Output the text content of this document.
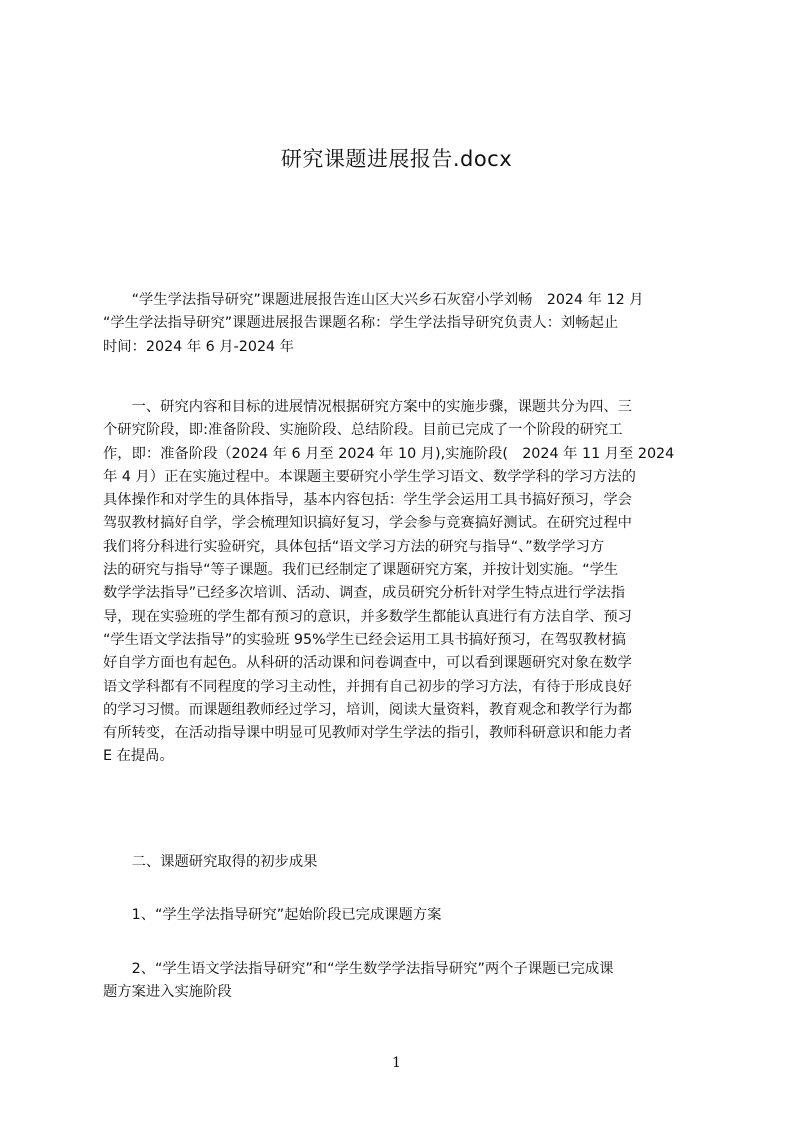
研究课题进展报告.docx
　　“学生学法指导研究”课题进展报告连山区大兴乡石灰窑小学刘畅　2024 年 12 月
“学生学法指导研究”课题进展报告课题名称：学生学法指导研究负责人：刘畅起止
时间：2024 年 6 月-2024 年
　　一、研究内容和目标的进展情况根据研究方案中的实施步骤，课题共分为四、三
个研究阶段，即:准备阶段、实施阶段、总结阶段。目前已完成了一个阶段的研究工
作，即：准备阶段（2024 年 6 月至 2024 年 10 月),实施阶段(　2024 年 11 月至 2024
年 4 月）正在实施过程中。本课题主要研究小学生学习语文、数学学科的学习方法的
具体操作和对学生的具体指导，基本内容包括：学生学会运用工具书搞好预习，学会
驾驭教材搞好自学，学会梳理知识搞好复习，学会参与竞赛搞好测试。在研究过程中
我们将分科进行实验研究，具体包括“语文学习方法的研究与指导“、”数学学习方
法的研究与指导“等子课题。我们已经制定了课题研究方案，并按计划实施。“学生
数学学法指导”已经多次培训、活动、调查，成员研究分析针对学生特点进行学法指
导，现在实验班的学生都有预习的意识，并多数学生都能认真进行有方法自学、预习
“学生语文学法指导”的实验班 95%学生已经会运用工具书搞好预习，在驾驭教材搞
好自学方面也有起色。从科研的活动课和问卷调查中，可以看到课题研究对象在数学
语文学科都有不同程度的学习主动性，并拥有自己初步的学习方法，有待于形成良好
的学习习惯。而课题组教师经过学习，培训，阅读大量资料，教育观念和教学行为都
有所转变，在活动指导课中明显可见教师对学生学法的指引，教师科研意识和能力者
E 在提咼。
　　二、课题研究取得的初步成果
　　1、“学生学法指导研究”起始阶段已完成课题方案
　　2、“学生语文学法指导研究”和“学生数学学法指导研究”两个子课题已完成课
题方案进入实施阶段
1
